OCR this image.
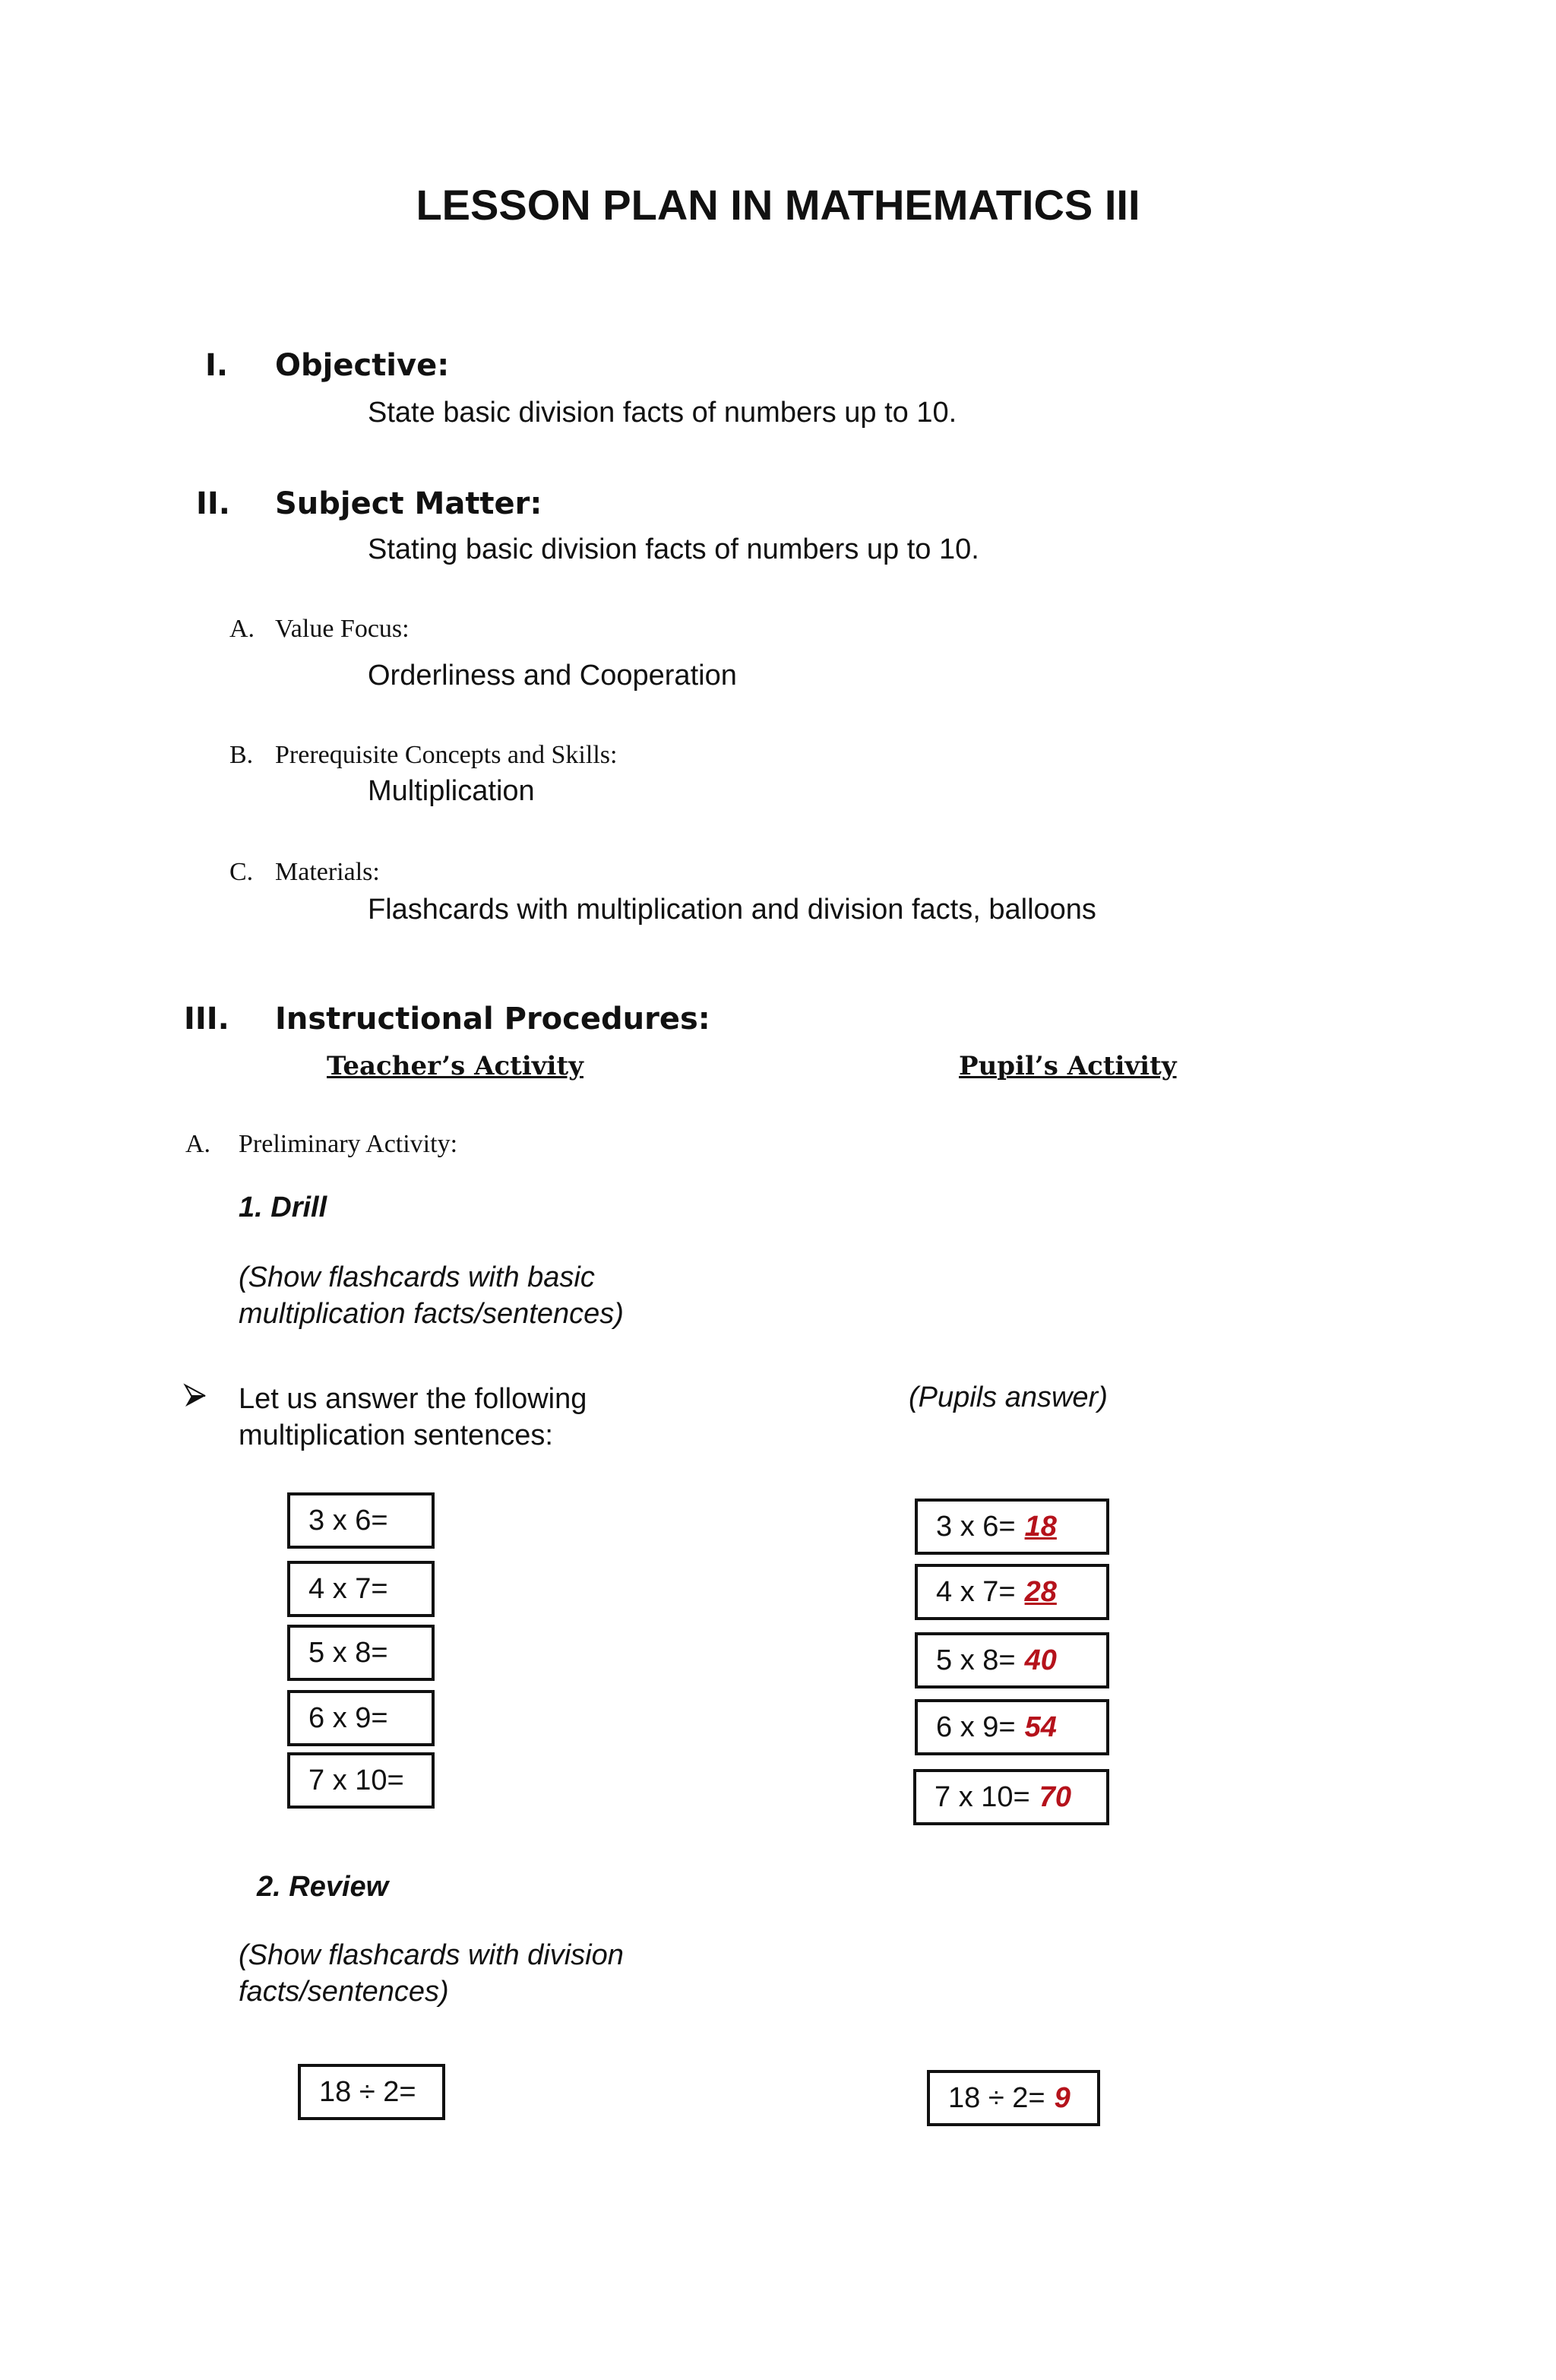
LESSON PLAN IN MATHEMATICS III
I. Objective:
State basic division facts of numbers up to 10.
II. Subject Matter:
Stating basic division facts of numbers up to 10.
A. Value Focus:
Orderliness and Cooperation
B. Prerequisite Concepts and Skills:
Multiplication
C. Materials:
Flashcards with multiplication and division facts, balloons
III. Instructional Procedures:
Teacher’s Activity	Pupil’s Activity
A. Preliminary Activity:
1. Drill
(Show flashcards with basic
multiplication facts/sentences)
Let us answer the following
multiplication sentences:
(Pupils answer)
3 x 6=
4 x 7=
5 x 8=
6 x 9=
7 x 10=
3 x 6= 18
4 x 7= 28
5 x 8= 40
6 x 9= 54
7 x 10= 70
2. Review
(Show flashcards with division
facts/sentences)
18 ÷ 2=	18 ÷ 2= 9
